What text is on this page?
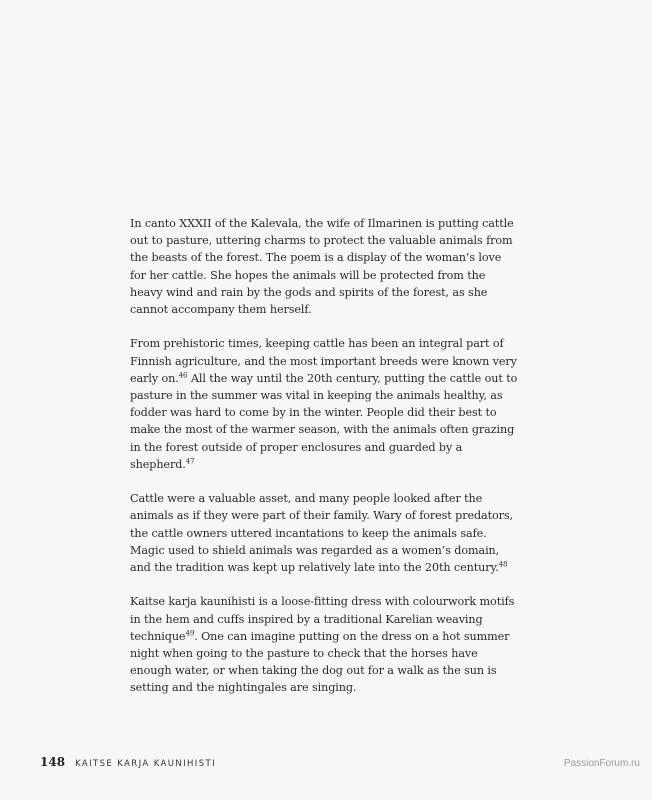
In canto XXXII of the Kalevala, the wife of Ilmarinen is putting cattle out to pasture, uttering charms to protect the valuable animals from the beasts of the forest. The poem is a display of the woman’s love for her cattle. She hopes the animals will be protected from the heavy wind and rain by the gods and spirits of the forest, as she cannot accompany them herself.

From prehistoric times, keeping cattle has been an integral part of Finnish agriculture, and the most important breeds were known very early on.$^{46}$ All the way until the 20th century, putting the cattle out to pasture in the summer was vital in keeping the animals healthy, as fodder was hard to come by in the winter. People did their best to make the most of the warmer season, with the animals often grazing in the forest outside of proper enclosures and guarded by a shepherd.$^{47}$

Cattle were a valuable asset, and many people looked after the animals as if they were part of their family. Wary of forest predators, the cattle owners uttered incantations to keep the animals safe. Magic used to shield animals was regarded as a women’s domain, and the tradition was kept up relatively late into the 20th century.$^{48}$

Kaitse karja kaunihisti is a loose-fitting dress with colourwork motifs in the hem and cuffs inspired by a traditional Karelian weaving technique$^{49}$. One can imagine putting on the dress on a hot summer night when going to the pasture to check that the horses have enough water, or when taking the dog out for a walk as the sun is setting and the nightingales are singing.

148 KAITSE KARJA KAUNIHISTI	PassionForum.ru
